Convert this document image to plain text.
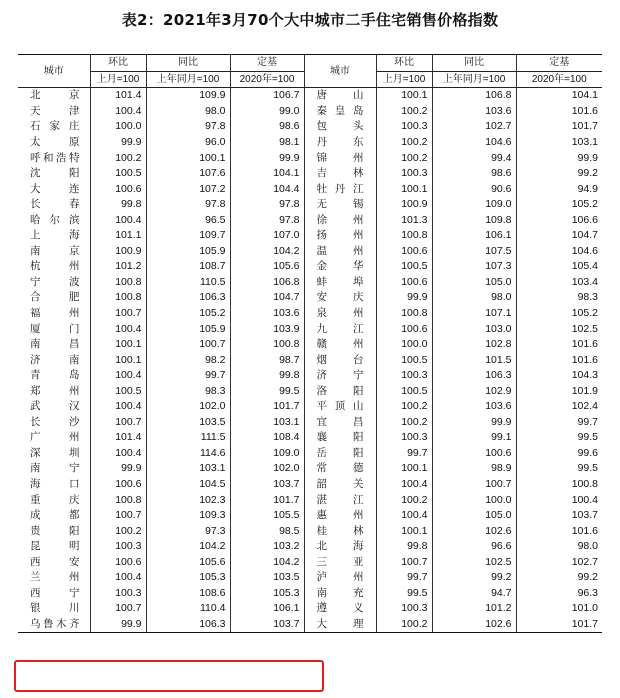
表2：2021年3月70个大中城市二手住宅销售价格指数
城市	环比	同比	定基	城市	环比	同比	定基
	上月=100	上年同月=100	2020年=100		上月=100	上年同月=100	2020年=100
北　京	101.4	109.9	106.7	唐　山	100.1	106.8	104.1
天　津	100.4	98.0	99.0	秦皇岛	100.2	103.6	101.6
石家庄	100.0	97.8	98.6	包　头	100.3	102.7	101.7
太　原	99.9	96.0	98.1	丹　东	100.2	104.6	103.1
呼和浩特	100.2	100.1	99.9	锦　州	100.2	99.4	99.9
沈　阳	100.5	107.6	104.1	吉　林	100.3	98.6	99.2
大　连	100.6	107.2	104.4	牡丹江	100.1	90.6	94.9
长　春	99.8	97.8	97.8	无　锡	100.9	109.0	105.2
哈尔滨	100.4	96.5	97.8	徐　州	101.3	109.8	106.6
上　海	101.1	109.7	107.0	扬　州	100.8	106.1	104.7
南　京	100.9	105.9	104.2	温　州	100.6	107.5	104.6
杭　州	101.2	108.7	105.6	金　华	100.5	107.3	105.4
宁　波	100.8	110.5	106.8	蚌　埠	100.6	105.0	103.4
合　肥	100.8	106.3	104.7	安　庆	99.9	98.0	98.3
福　州	100.7	105.2	103.6	泉　州	100.8	107.1	105.2
厦　门	100.4	105.9	103.9	九　江	100.6	103.0	102.5
南　昌	100.1	100.7	100.8	赣　州	100.0	102.8	101.6
济　南	100.1	98.2	98.7	烟　台	100.5	101.5	101.6
青　岛	100.4	99.7	99.8	济　宁	100.3	106.3	104.3
郑　州	100.5	98.3	99.5	洛　阳	100.5	102.9	101.9
武　汉	100.4	102.0	101.7	平顶山	100.2	103.6	102.4
长　沙	100.7	103.5	103.1	宜　昌	100.2	99.9	99.7
广　州	101.4	111.5	108.4	襄　阳	100.3	99.1	99.5
深　圳	100.4	114.6	109.0	岳　阳	99.7	100.6	99.6
南　宁	99.9	103.1	102.0	常　德	100.1	98.9	99.5
海　口	100.6	104.5	103.7	韶　关	100.4	100.7	100.8
重　庆	100.8	102.3	101.7	湛　江	100.2	100.0	100.4
成　都	100.7	109.3	105.5	惠　州	100.4	105.0	103.7
贵　阳	100.2	97.3	98.5	桂　林	100.1	102.6	101.6
昆　明	100.3	104.2	103.2	北　海	99.8	96.6	98.0
西　安	100.6	105.6	104.2	三　亚	100.7	102.5	102.7
兰　州	100.4	105.3	103.5	泸　州	99.7	99.2	99.2
西　宁	100.3	108.6	105.3	南　充	99.5	94.7	96.3
银　川	100.7	110.4	106.1	遵　义	100.3	101.2	101.0
乌鲁木齐	99.9	106.3	103.7	大　理	100.2	102.6	101.7
